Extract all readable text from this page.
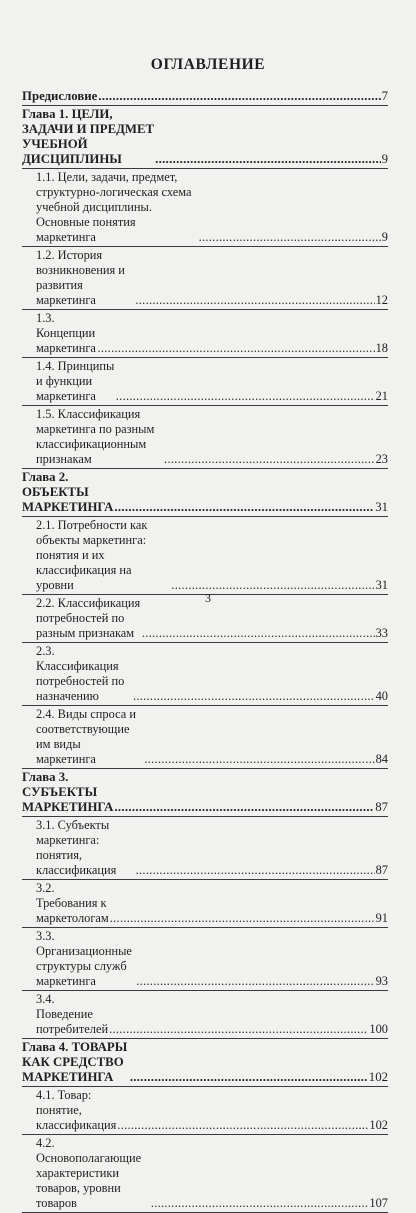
ОГЛАВЛЕНИЕ
Предисловие .....	7
Глава 1. ЦЕЛИ, ЗАДАЧИ И ПРЕДМЕТ УЧЕБНОЙ ДИСЦИПЛИНЫ .....	9
1.1. Цели, задачи, предмет, структурно-логическая схема учебной дисциплины. Основные понятия маркетинга .....	9
1.2. История возникновения и развития маркетинга .....	12
1.3. Концепции маркетинга .....	18
1.4. Принципы и функции маркетинга .....	21
1.5. Классификация маркетинга по разным классификационным признакам .....	23
Глава 2. ОБЪЕКТЫ МАРКЕТИНГА .....	31
2.1. Потребности как объекты маркетинга: понятия и их классификация на уровни .....	31
2.2. Классификация потребностей по разным признакам .....	33
2.3. Классификация потребностей по назначению .....	40
2.4. Виды спроса и соответствующие им виды маркетинга .....	84
Глава 3. СУБЪЕКТЫ МАРКЕТИНГА .....	87
3.1. Субъекты маркетинга: понятия, классификация .....	87
3.2. Требования к маркетологам .....	91
3.3. Организационные структуры служб маркетинга .....	93
3.4. Поведение потребителей .....	100
Глава 4. ТОВАРЫ КАК СРЕДСТВО МАРКЕТИНГА .....	102
4.1. Товар: понятие, классификация .....	102
4.2. Основополагающие характеристики товаров, уровни товаров .....	107
3
